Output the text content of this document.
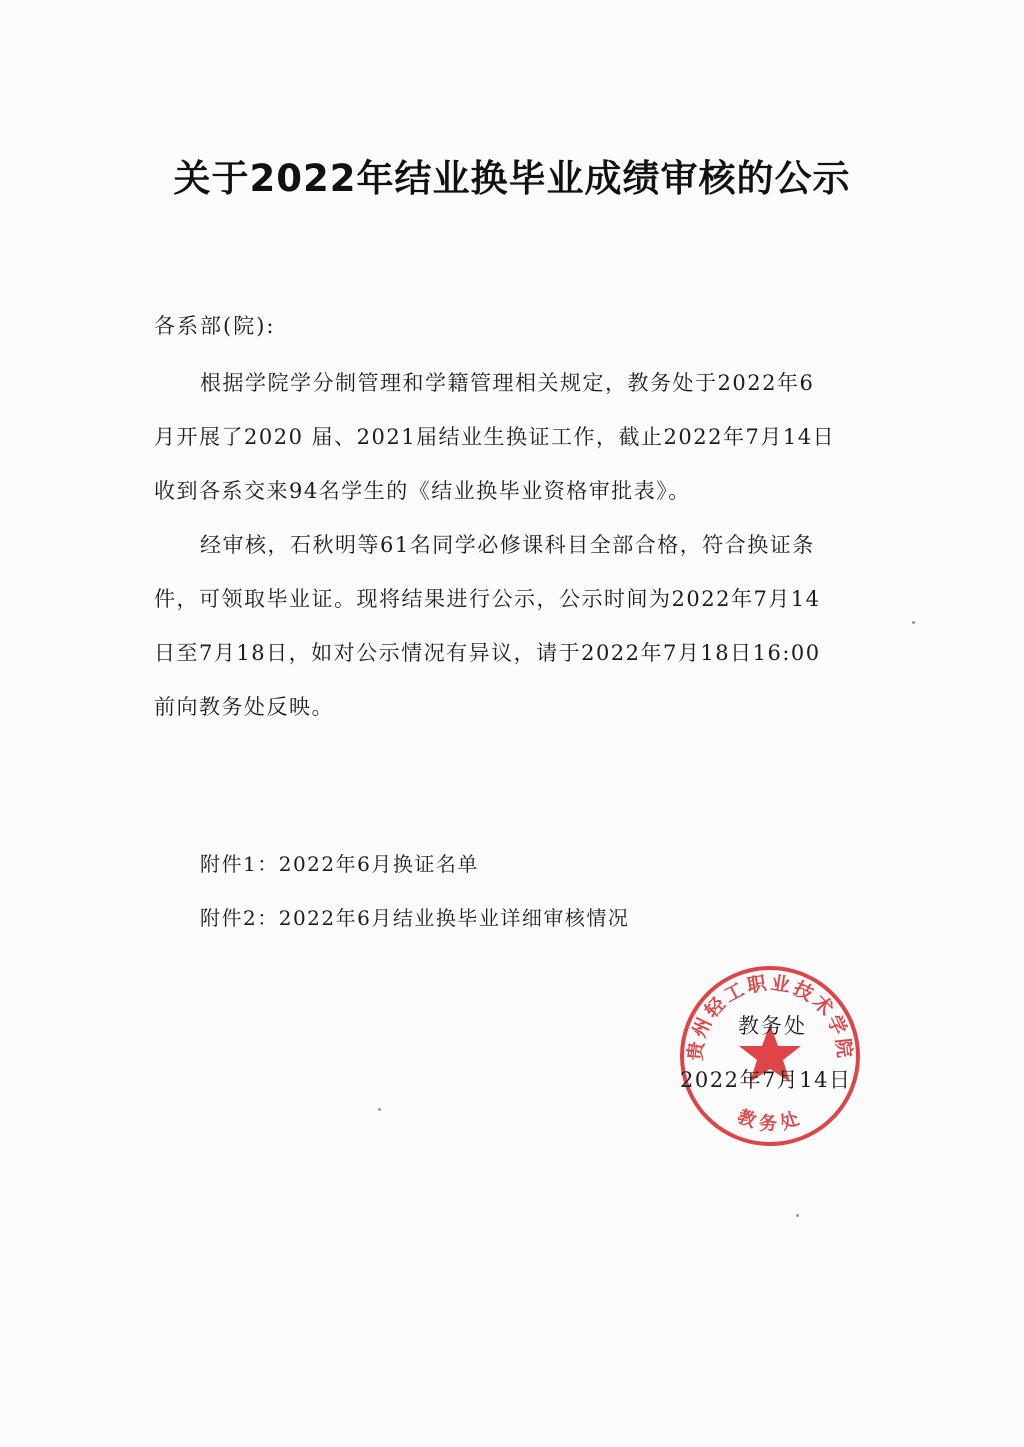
关于2022年结业换毕业成绩审核的公示
各系部(院):
根据学院学分制管理和学籍管理相关规定，教务处于2022年6
月开展了2020 届、2021届结业生换证工作，截止2022年7月14日
收到各系交来94名学生的《结业换毕业资格审批表》。
经审核，石秋明等61名同学必修课科目全部合格，符合换证条
件，可领取毕业证。现将结果进行公示，公示时间为2022年7月14
日至7月18日，如对公示情况有异议，请于2022年7月18日16:00
前向教务处反映。
附件1：2022年6月换证名单
附件2：2022年6月结业换毕业详细审核情况
贵州轻工职业技术学院
教务处
教务处
2022年7月14日
